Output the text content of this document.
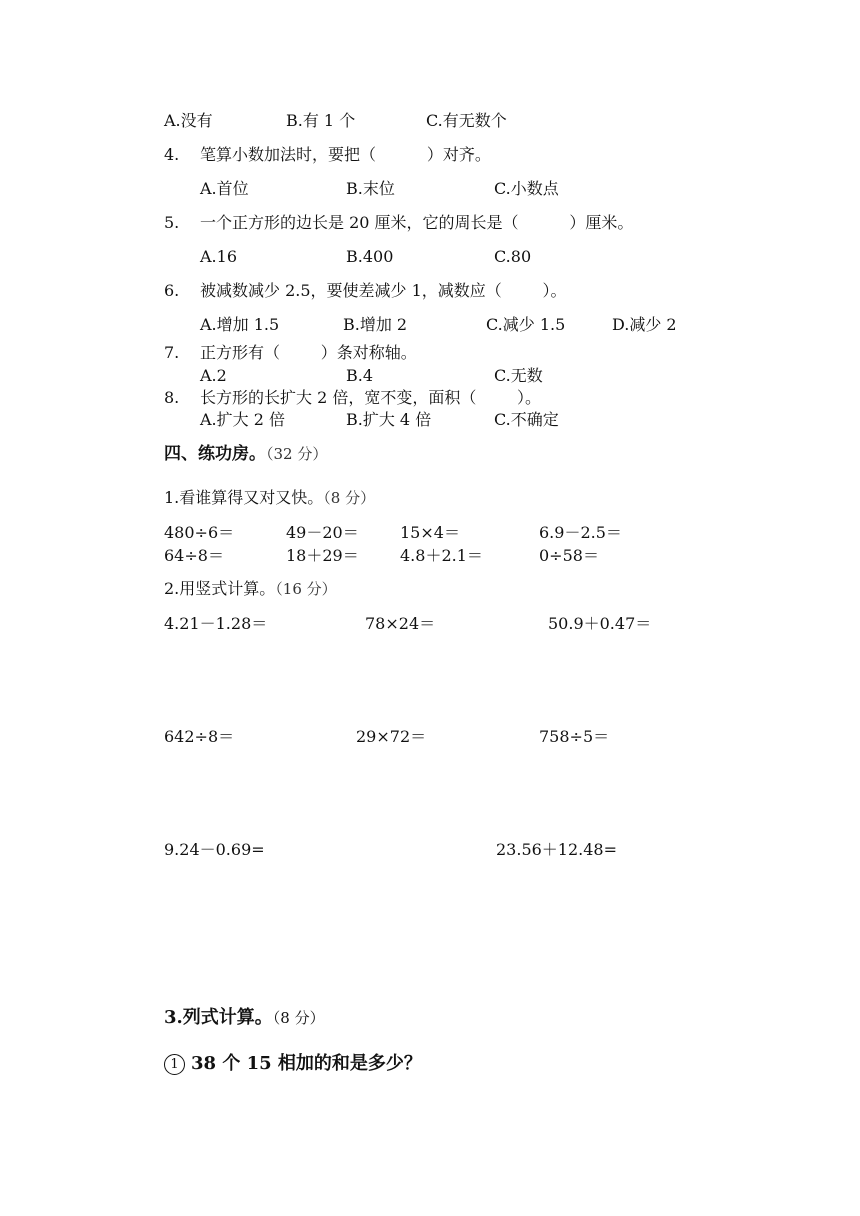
A.没有	B.有 1 个	C.有无数个
4. 笔算小数加法时，要把（          ）对齐。
A.首位	B.末位	C.小数点
5. 一个正方形的边长是 20 厘米，它的周长是（          ）厘米。
A.16	B.400	C.80
6. 被减数减少 2.5，要使差减少 1，减数应（        ）。
A.增加 1.5	B.增加 2	C.减少 1.5	D.减少 2
7. 正方形有（        ）条对称轴。
A.2	B.4	C.无数
8. 长方形的长扩大 2 倍，宽不变，面积（        ）。
A.扩大 2 倍	B.扩大 4 倍	C.不确定
四、练功房。（32 分）
1.看谁算得又对又快。（8 分）
480÷6＝	49－20＝	15×4＝	6.9－2.5＝
64÷8＝	18＋29＝	4.8＋2.1＝	0÷58＝
2.用竖式计算。（16 分）
4.21－1.28＝	78×24＝	50.9＋0.47＝
642÷8＝	29×72＝	758÷5＝
9.24－0.69=	23.56＋12.48=
3.列式计算。（8 分）
1 38 个 15 相加的和是多少？
